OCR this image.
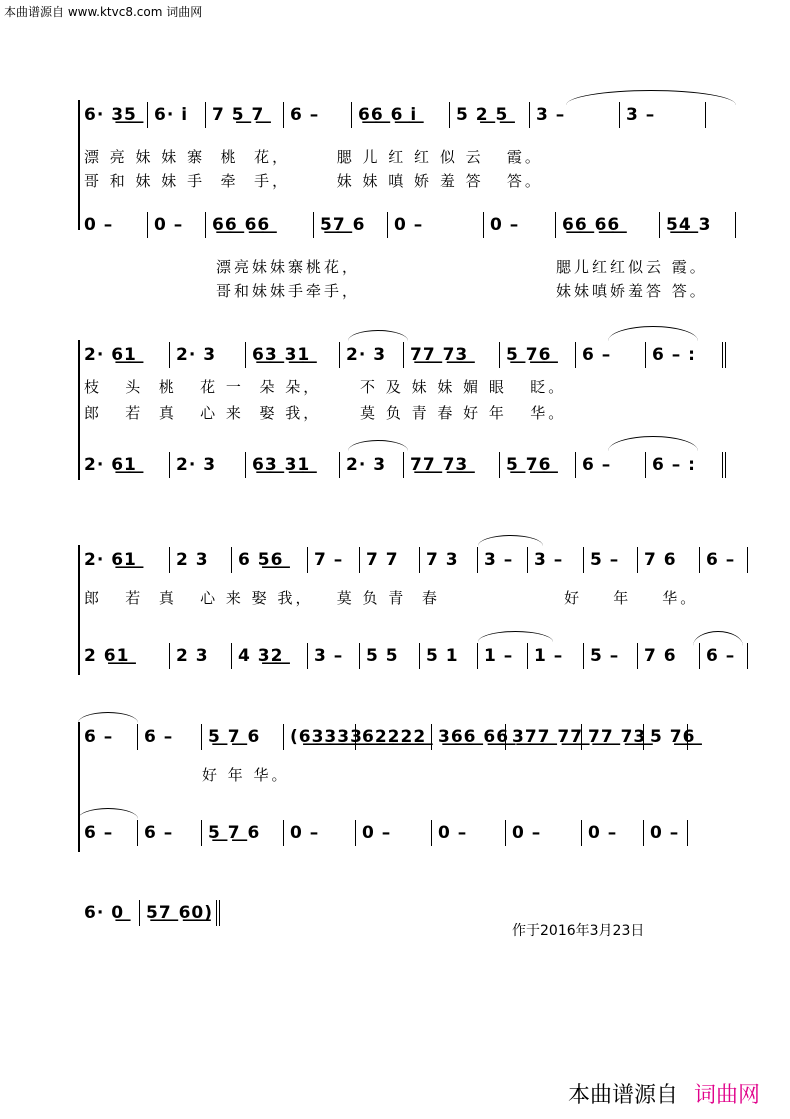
本曲谱源自 www.ktvc8.com 词曲网
6· 3͟5͟	6· i̇	7 5͟ 7͟	6 –	6͟6͟ 6͟ i̇͟	5 2͟ 5͟	3 –	3 –
漂 亮 妹 妹 寨  桃  花，      腮 儿 红 红 似 云   霞。
哥 和 妹 妹 手  牵  手，      妹 妹 嗔 娇 羞 答   答。
0 –	0 –	6͟6͟ 6͟6͟	5͟7͟ 6	0 –	0 –	6͟6͟ 6͟6͟	5͟4͟ 3
漂亮妹妹寨桃花，
哥和妹妹手牵手，
腮儿红红似云 霞。
妹妹嗔娇羞答 答。
2· 6͟1͟	2· 3	6͟3͟ 3͟1͟	2· 3	7͟7͟ 7͟3͟	5͟ 7͟6͟	6 –	6 – :
枝   头  桃   花 一  朵 朵，     不 及 妹 妹 媚 眼   眨。
郎   若  真   心 来  娶 我，     莫 负 青 春 好 年   华。
2· 6͟1͟	2· 3	6͟3͟ 3͟1͟	2· 3	7͟7͟ 7͟3͟	5͟ 7͟6͟	6 –	6 – :
2· 6͟1͟	2 3	6 5͟6͟	7 –	7 7	7 3	3 –	3 –	5 –	7 6	6 –
郎   若  真   心 来 娶 我，   莫 负 青  春                好    年    华。
2 6͟1͟	2 3	4 3͟2͟	3 –	5 5	5 1	1 –	1 –	5 –	7 6	6 –
6 –	6 –	5͟ 7͟ 6	(6͟3͟3͟3͟3͟ 6͟2͟2͟2͟2͟ 3͟6͟6͟ 6͟6͟ 3͟7͟7͟ 7͟7͟ 7͟7͟ 7͟3͟ 5 7͟6͟
好 年 华。
6 –	6 –	5͟ 7͟ 6	0 –	0 –	0 –	0 –	0 –	0 –
6· 0͟	5͟7͟ 6͟0͟)
作于2016年3月23日
本曲谱源自 词曲网
